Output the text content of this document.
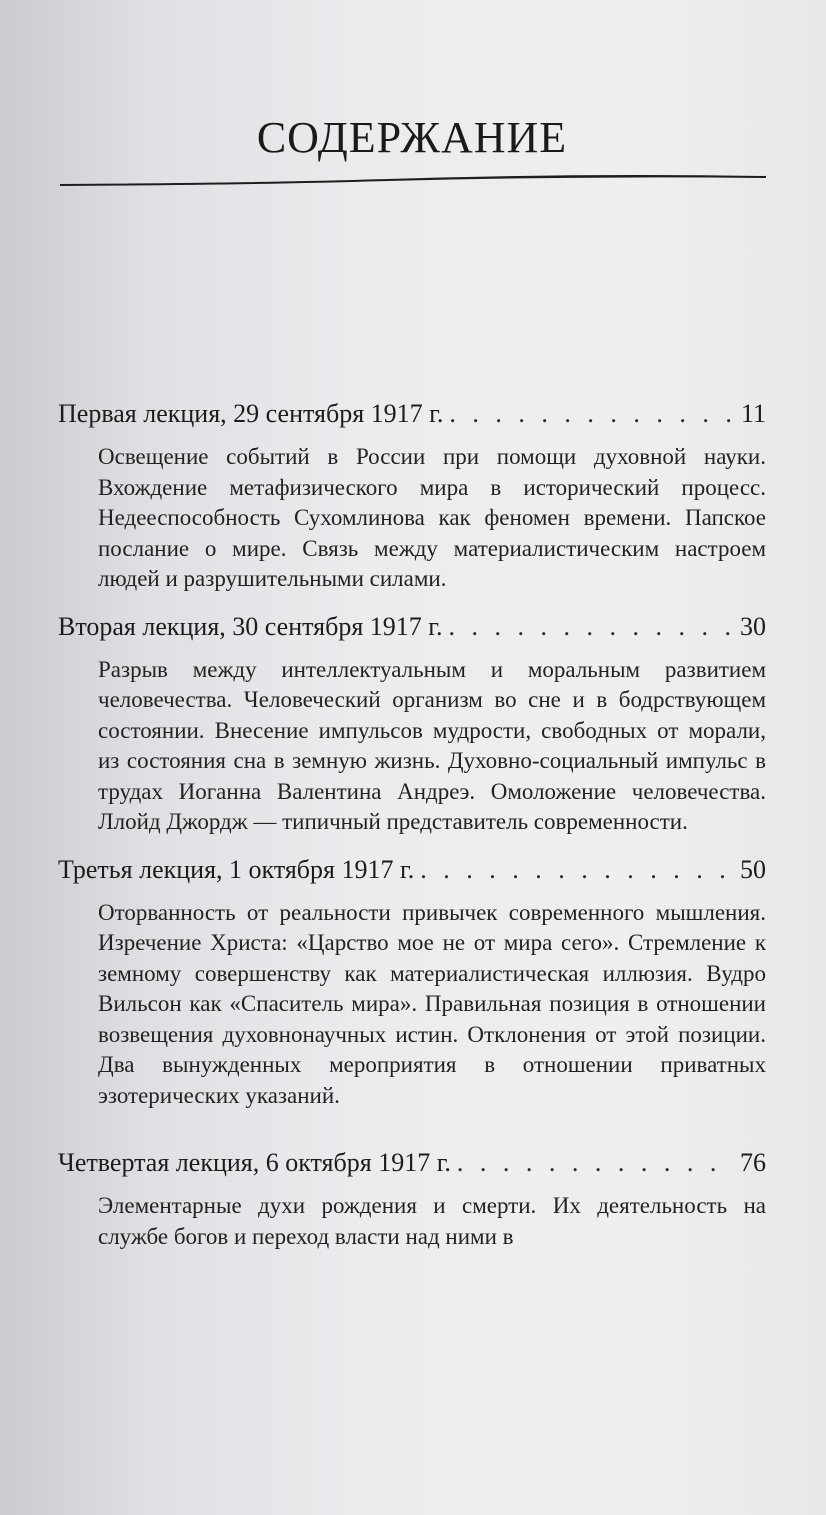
СОДЕРЖАНИЕ
Первая лекция, 29 сентября 1917 г. . . .	11
Освещение событий в России при помощи духовной науки. Вхождение метафизического мира в исторический процесс. Недееспособность Сухомлинова как феномен времени. Папское послание о мире. Связь между материалистическим настроем людей и разрушительными силами.
Вторая лекция, 30 сентября 1917 г. . . .	30
Разрыв между интеллектуальным и моральным развитием человечества. Человеческий организм во сне и в бодрствующем состоянии. Внесение импульсов мудрости, свободных от морали, из состояния сна в земную жизнь. Духовно-социальный импульс в трудах Иоганна Валентина Андреэ. Омоложение человечества. Ллойд Джордж — типичный представитель современности.
Третья лекция, 1 октября 1917 г. . . .	50
Оторванность от реальности привычек современного мышления. Изречение Христа: «Царство мое не от мира сего». Стремление к земному совершенству как материалистическая иллюзия. Вудро Вильсон как «Спаситель мира». Правильная позиция в отношении возвещения духовнонаучных истин. Отклонения от этой позиции. Два вынужденных мероприятия в отношении приватных эзотерических указаний.
Четвертая лекция, 6 октября 1917 г. . . .	76
Элементарные духи рождения и смерти. Их деятельность на службе богов и переход власти над ними в
